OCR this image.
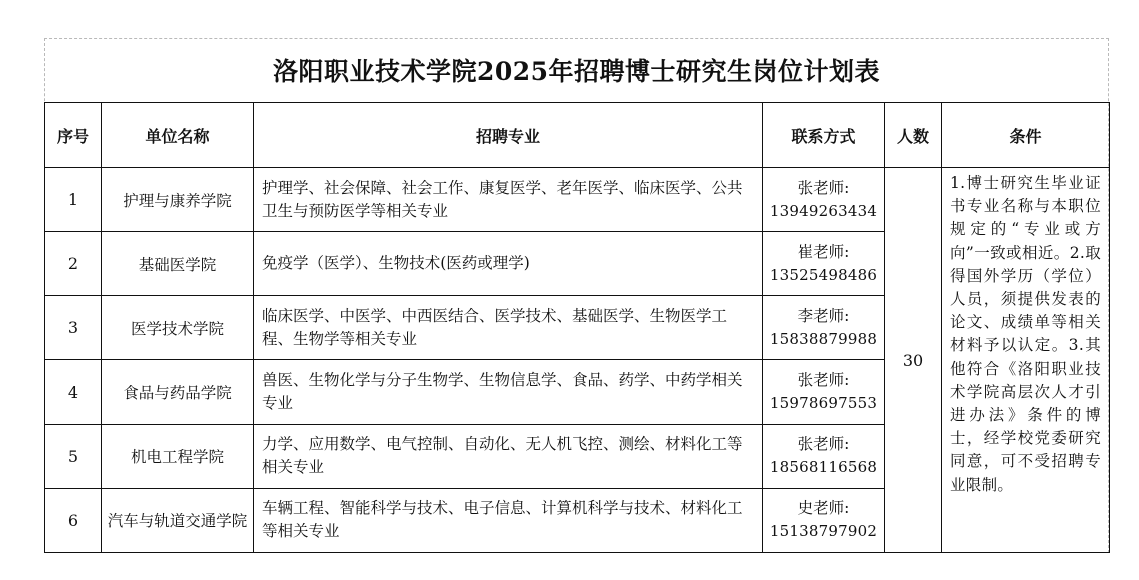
洛阳职业技术学院2025年招聘博士研究生岗位计划表
序号	单位名称	招聘专业	联系方式	人数	条件
1	护理与康养学院	护理学、社会保障、社会工作、康复医学、老年医学、临床医学、公共卫生与预防医学等相关专业	张老师:
13949263434	30	1.博士研究生毕业证书专业名称与本职位规定的“专业或方向”一致或相近。2.取得国外学历（学位）人员，须提供发表的论文、成绩单等相关材料予以认定。3.其他符合《洛阳职业技术学院高层次人才引进办法》条件的博士，经学校党委研究同意，可不受招聘专业限制。
2	基础医学院	免疫学（医学）、生物技术(医药或理学)	崔老师:
13525498486		

3	医学技术学院	临床医学、中医学、中西医结合、医学技术、基础医学、生物医学工程、生物学等相关专业	李老师:
15838879988		

4	食品与药品学院	兽医、生物化学与分子生物学、生物信息学、食品、药学、中药学相关专业	张老师:
15978697553		

5	机电工程学院	力学、应用数学、电气控制、自动化、无人机飞控、测绘、材料化工等相关专业	张老师:
18568116568		

6	汽车与轨道交通学院	车辆工程、智能科学与技术、电子信息、计算机科学与技术、材料化工等相关专业	史老师:
15138797902		
